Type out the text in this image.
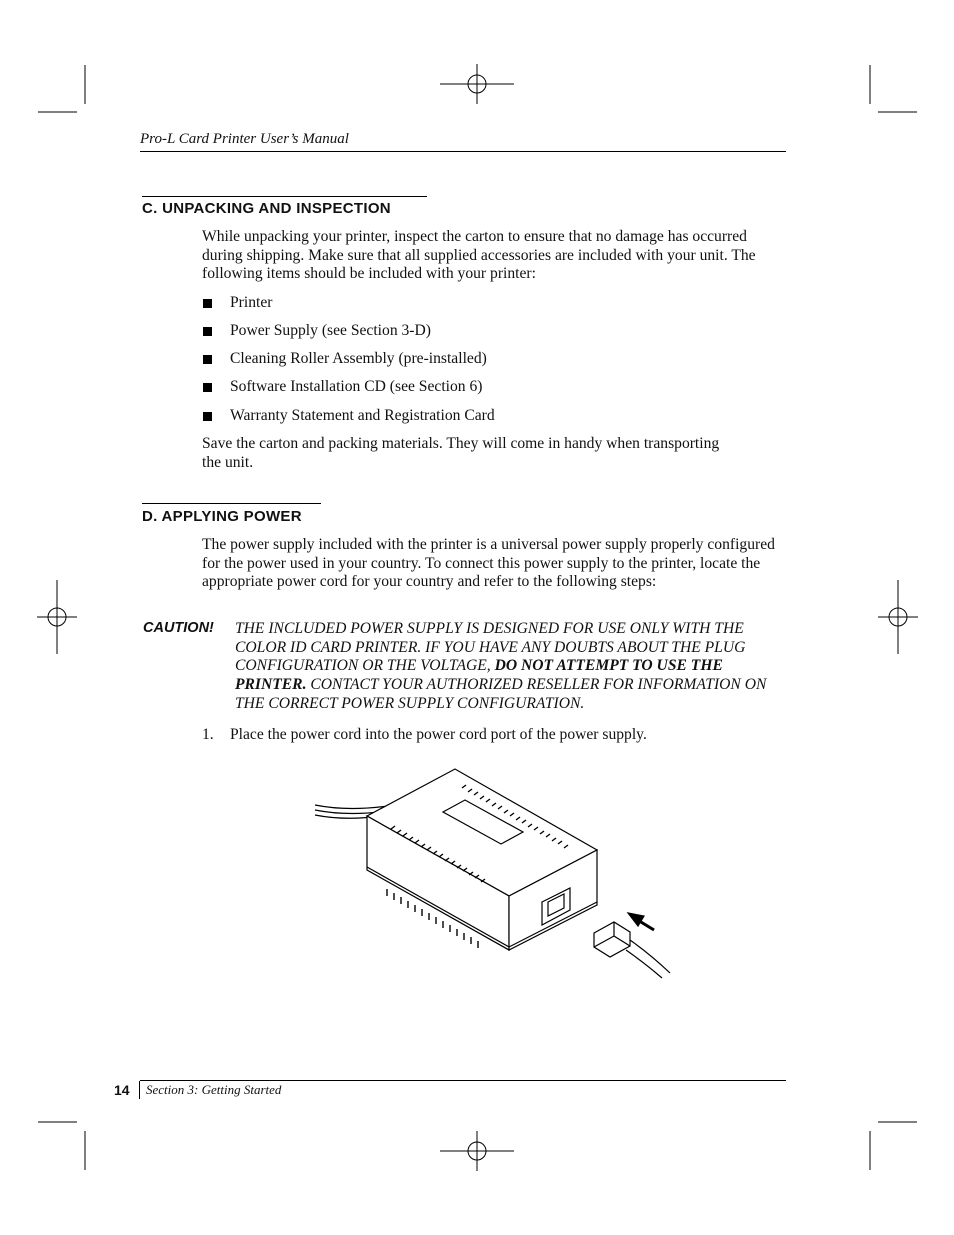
Pro-L Card Printer User’s Manual
C. UNPACKING AND INSPECTION
While unpacking your printer, inspect the carton to ensure that no damage has occurred during shipping. Make sure that all supplied accessories are included with your unit. The following items should be included with your printer:
Printer
Power Supply (see Section 3-D)
Cleaning Roller Assembly (pre-installed)
Software Installation CD (see Section 6)
Warranty Statement and Registration Card
Save the carton and packing materials. They will come in handy when transporting the unit.
D. APPLYING POWER
The power supply included with the printer is a universal power supply properly configured for the power used in your country. To connect this power supply to the printer, locate the appropriate power cord for your country and refer to the following steps:
CAUTION! THE INCLUDED POWER SUPPLY IS DESIGNED FOR USE ONLY WITH THE COLOR ID CARD PRINTER. IF YOU HAVE ANY DOUBTS ABOUT THE PLUG CONFIGURATION OR THE VOLTAGE, DO NOT ATTEMPT TO USE THE PRINTER. CONTACT YOUR AUTHORIZED RESELLER FOR INFORMATION ON THE CORRECT POWER SUPPLY CONFIGURATION.
1. Place the power cord into the power cord port of the power supply.
14 Section 3: Getting Started
